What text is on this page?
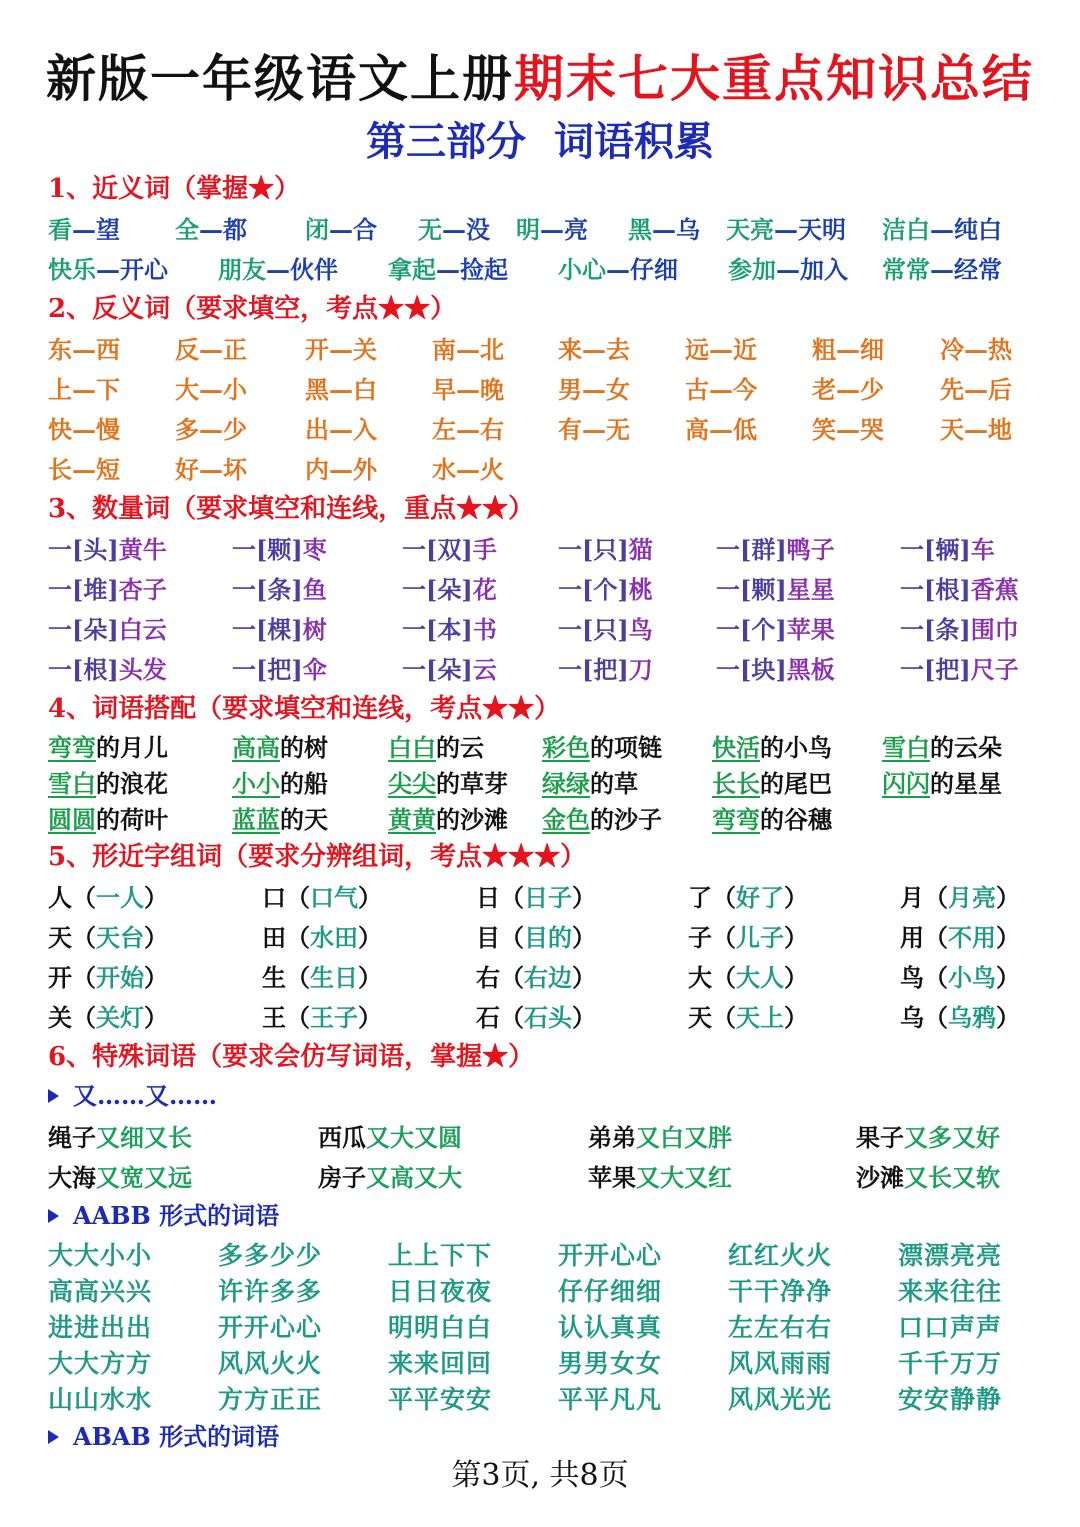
新版一年级语文上册期末七大重点知识总结
第三部分 词语积累
1、近义词（掌握★）
看—望 全—都 闭—合 无—没 明—亮 黑—乌 天亮—天明 洁白—纯白
快乐—开心 朋友—伙伴 拿起—捡起 小心—仔细 参加—加入 常常—经常
2、反义词（要求填空，考点★★）
东—西 反—正 开—关 南—北 来—去 远—近 粗—细 冷—热
上—下 大—小 黑—白 早—晚 男—女 古—今 老—少 先—后
快—慢 多—少 出—入 左—右 有—无 高—低 笑—哭 天—地
长—短 好—坏 内—外 水—火
3、数量词（要求填空和连线，重点★★）
一[头]黄牛	一[颗]枣	一[双]手	一[只]猫	一[群]鸭子	一[辆]车
一[堆]杏子	一[条]鱼	一[朵]花	一[个]桃	一[颗]星星	一[根]香蕉
一[朵]白云	一[棵]树	一[本]书	一[只]鸟	一[个]苹果	一[条]围巾
一[根]头发	一[把]伞	一[朵]云	一[把]刀	一[块]黑板	一[把]尺子
4、词语搭配（要求填空和连线，考点★★）
弯弯的月儿	高高的树	白白的云 彩色的项链 快活的小鸟 雪白的云朵
雪白的浪花	小小的船	尖尖的草芽 绿绿的草	长长的尾巴 闪闪的星星
圆圆的荷叶	蓝蓝的天	黄黄的沙滩 金色的沙子 弯弯的谷穗
5、形近字组词（要求分辨组词，考点★★★）
人（一人）	口（口气）	日（日子）	了（好了）	月（月亮）
天（天台）	田（水田）	目（目的）	子（儿子）	用（不用）
开（开始）	生（生日）	右（右边）	大（大人）	鸟（小鸟）
关（关灯）	王（王子）	石（石头）	天（天上）	乌（乌鸦）
6、特殊词语（要求会仿写词语，掌握★）
又……又……
绳子又细又长	西瓜又大又圆	弟弟又白又胖	果子又多又好
大海又宽又远	房子又高又大	苹果又大又红	沙滩又长又软
AABB 形式的词语
大大小小	多多少少	上上下下	开开心心	红红火火	漂漂亮亮
高高兴兴	许许多多	日日夜夜	仔仔细细	干干净净	来来往往
进进出出	开开心心	明明白白	认认真真	左左右右	口口声声
大大方方	风风火火	来来回回	男男女女	风风雨雨	千千万万
山山水水	方方正正	平平安安	平平凡凡	风风光光	安安静静
ABAB 形式的词语
第3页, 共8页
